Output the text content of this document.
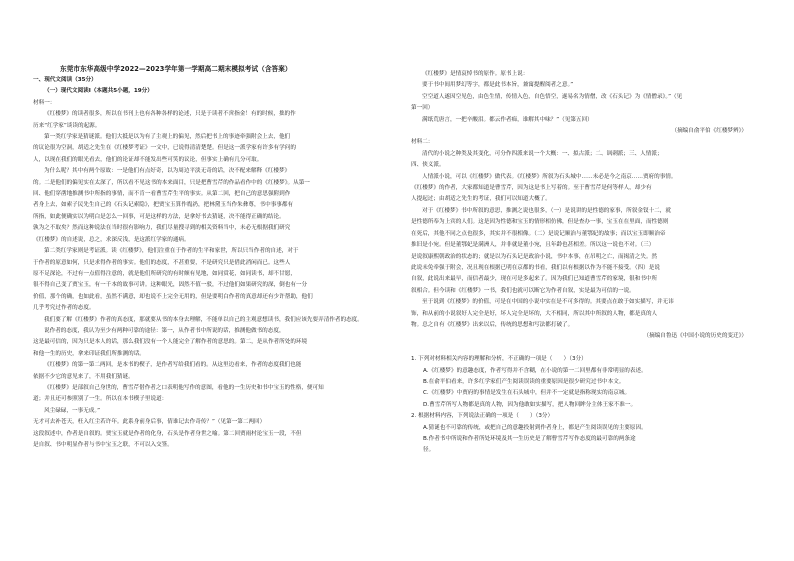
东莞市东华高级中学2022—2023学年第一学期高二期末模拟考试（含答案）

一、现代文阅读（35分）

（一）现代文阅读Ⅰ（本题共5小题，19分）

材料一：

《红楼梦》的读者很多，所以在书刊上也有各种各样的论述，只是于读者不啻指金！有的时候，拙的作

历来“红学家”谈读的起源。

第一类红学家是猜谜派。他们大抵是以为有了主观上的偏见，然后把书上的事迹牵强附会上去，他们

的议论很为空洞，胡适之先生在《红楼梦考证》一文中，已说得清清楚楚。但是这一派学家有许多有学问的

人，以现在我们的眼光看去，他们的论证却不能发出些可笑的议论，但事实上确有几分可取。

为什么呢？其中有两个原故：一是他们有点好奇，以为周边平淡无奇的话，决不配来解释《红楼梦》

的。二是他们的偏见实在太深了，所以看不见这书的本来面目，只是把曹雪芹的作品看作中的《红楼梦》。从第一

回、他们穿凿地推测书中所指的事情，而不肯一看曹雪芹生平的事实。从第二回，把自己的意思强附到作

者身上去，如索子民先生自己的《石头记索隐》，把贾宝玉算作胤礽，把林黛玉当作朱彝尊，书中事事都有

所指，如此便确实以为明白是怎么一回事，可是这样的方法，是拿好书去猜谜，决不能得正确的结论。

孰为之不取矣？然而这种说法在当时很有影响力，我们尽量搜寻到的相关资料当中，未必无根据我们研究

《红楼梦》的自述说，总之，求深反浅，是这派红学家的通病。

第二类红学家则是考证派。读《红楼梦》，他们注重在于作者的生平和家世，所以只当作者的自述，对于

于作者的原意如何，只是求得作者的事实。他们的态度，不甚重要，不是研究只是借此消闲而已。这些人

原不足深论，不过有一点值得注意的，就是他们所研究的有时颇有见地，如同赏花，如同读书，却不甘愿，

很不得自己变了贾宝玉，有一千本的故事可讲。这种眼光，固然不值一驳，不过他们如果研究的深，倒也有一分

价值，那个的确，也如此看，虽然不满意，却也说不上完全无用的，但是要明白作者的真意却还有少许帮助，他们

几乎考究过作者的态度。

我们要了解《红楼梦》作者的真态度，那就要从书的本身去理解，不能单以自己的主观意想读书，我们应该先要弄清作者的态度。

说作者的态度，我认为至少有两种可靠的途径：第一，从作者书中所说的话，推测他做书的态度，

这是最可信的，因为只是本人的话，那么我们没有一个人能完全了解作者的意思的。第二，是从作者所处的环境

和他一生的历史，拿来印证我们所推测的话。

《红楼梦》的第一第二两回，是本书的楔子，是作者写给我们看的。从这里边看来，作者的态度我们也能

依据不少它的意见来了，不用我们猜谜。

《红楼梦》是部叙自己身世的，曹雪芹借作者之口表明他写作的意图，看他的一生历史和书中宝玉的性格，便可知

道；并且还可参照别了一生。所以在本书楔子里说道：

风尘碌碌，一事无成。”

无才可去补苍天，枉入红尘若许年。此系身前身后事，倩谁记去作奇传？”（见第一第二两回）

这段叙述中，作者是自叙的。贾宝玉就是作者的化身，石头是作者身世之喻。第二回贾雨村论宝玉一段，不但

是自叙、书中明显作者与书中宝玉之联，不可以入交签。

《红楼梦》是情哀悼书的原作。原书上说：

要于书中间用梦幻等字，都是此书本旨，兼寓提醒阅者之意。”

空空道人遂因空见色，由色生情，传情入色，自色悟空，遂易名为情僧，改《石头记》为《情僧录》。”（见

第一回）

满纸荒唐言，一把辛酸泪。都云作者痴，谁解其中味？”（见第五回）

（摘编自俞平伯《红楼梦辨》）

材料二：

清代的小说之种类及其变化，可分作四派来说一个大概：一、拟古派；二、讽刺派；三、人情派；

四、侠义派。

人情派小说，可以《红楼梦》做代表。《红楼梦》所叙为石头城中……未必是今之南京……贾府的事情。

《红楼梦》的作者，大家都知道是曹雪芹，因为这是书上写着的。至于曹雪芹是何等样人，却少有

人提起过；由胡适之先生的考证，我们可以知道大概了。

对于《红楼梦》书中所叙的意思，推测之说也很多，（一）是说讲的是性德的家事，所叙金钗十二，就

是性德所奉为上宾的人们。这是因为性德和宝玉的情形相仿佛，但是查办一事，宝玉在在里面，而性德则

在死后，其他不同之点也很多，其实并不很相像。（二）是说记顺治与董鄂妃的故事；而以宝玉即顺治帝

推旧是小宛。但是董鄂妃是满洲人，并非就是董小宛，且年龄也甚相差。所以这一说也不对。（三）

是说叙康熙朝政治的状态的；就是以为石头记是政治小说，书中本事，在吊明之亡，而揭清之失。然

此说未免牵强于附会，况且现在根据已明在京都的书看，我们以有根据以作为不能不接受。（四）是说

自叙，此说出来最早，而信者最少，现在可是多起来了。因为我们已知道曹雪芹的家境，很和书中所

叙相合。但今读和《红楼梦》一书，我们也就可以断它为作者自叙，实是最为可信的一说。

至于说到《红楼梦》的价值，可是在中国的小说中实在是不可多得的。其要点在敢于如实描写，并无讳

饰，和从前的小说叙好人完全是好，坏人完全是坏的，大不相同，所以其中所叙的人物，都是真的人

物。总之自有《红楼梦》出来以后，传统的思想和写法都打破了。

（摘编自鲁迅《中国小说的历史的变迁》）

1. 下列对材料相关内容的理解和分析，不正确的一项是（　　）（3分）

A.《红楼梦》的意趣态度，作者写得并不含糊，在小说的第一二回里都有非常明显的表述。

B.在俞平伯看来，许多红学家们产生阅读误读的重要原因是很少研究过书中本文。

C.《红楼梦》中贾府的事情是发生在石头城中，但并不一定就是指称现实的南京城。

D.曹雪芹所写人物都是真的人物，因为他敢如实描写，把人物回眸分主体王家不准一。

2. 根据材料内容，下列说法正确的一项是（　　）（3分）

A.猜谜也不可靠的传统，或把自己的意趣投射到作者身上，都是产生阅读误见的主要原因。

B.作者书中所说和作者所处环境及其一生历史是了解曹雪芹写作态度的最可靠的两条途

径。
